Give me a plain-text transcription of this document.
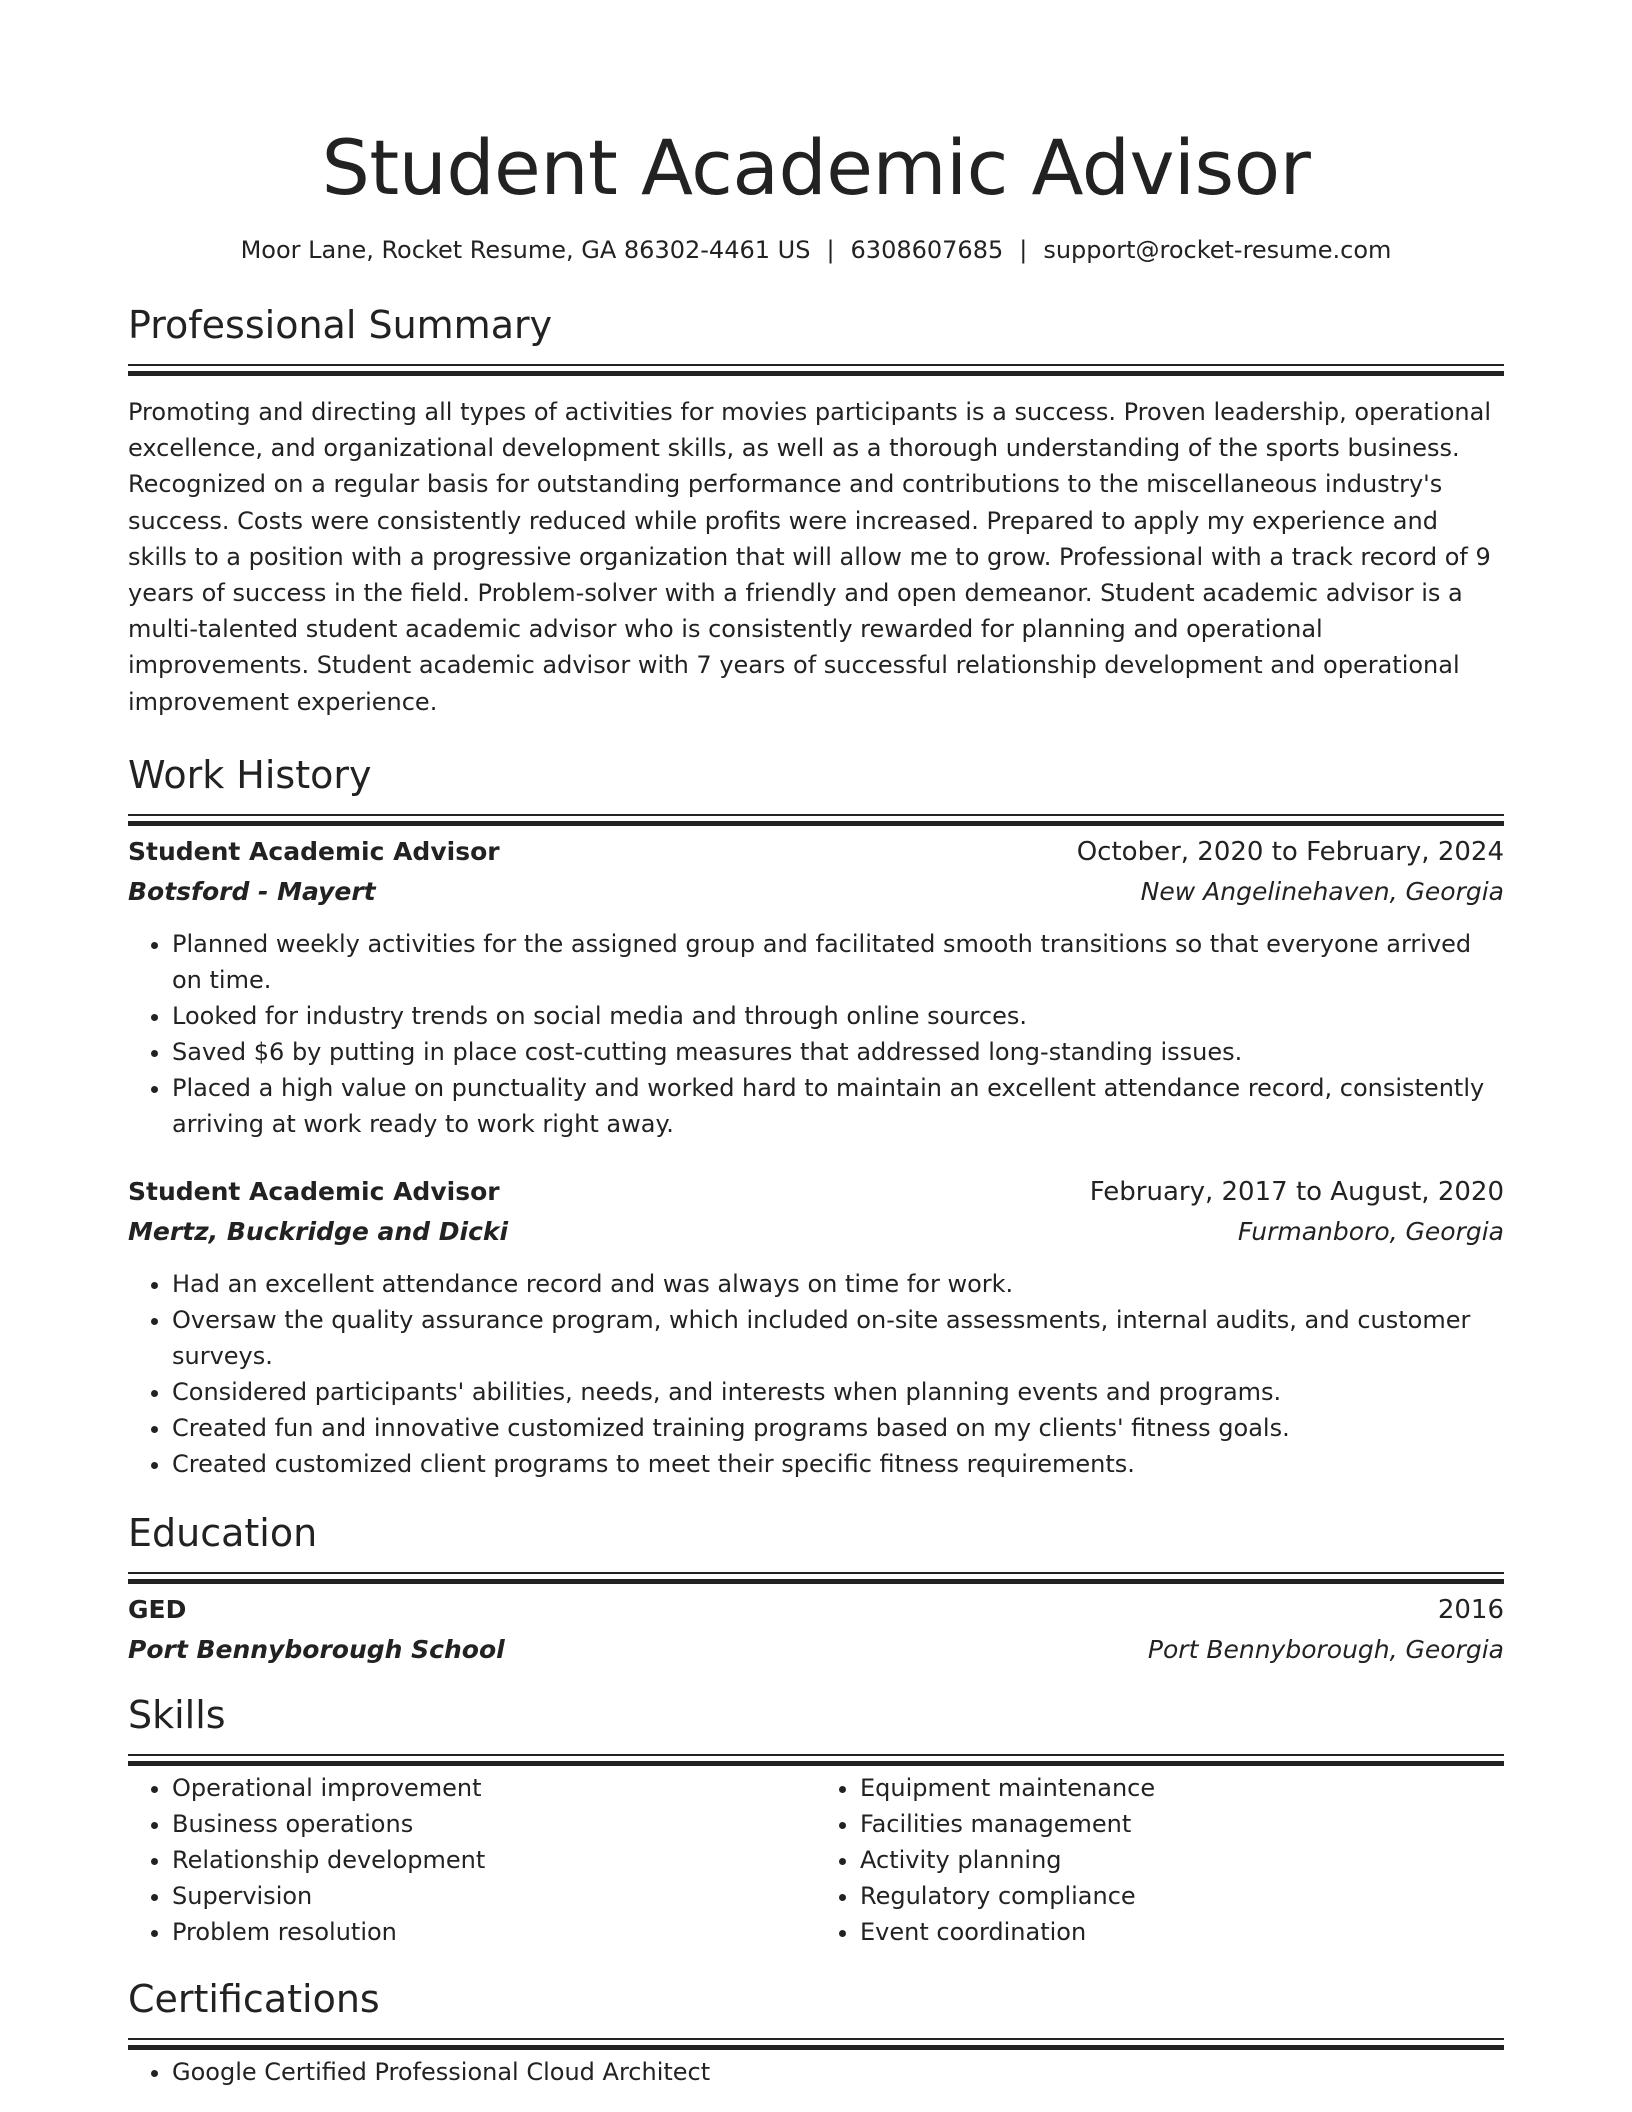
Student Academic Advisor
Moor Lane, Rocket Resume, GA 86302-4461 US | 6308607685 | support@rocket-resume.com
Professional Summary
Promoting and directing all types of activities for movies participants is a success. Proven leadership, operational excellence, and organizational development skills, as well as a thorough understanding of the sports business. Recognized on a regular basis for outstanding performance and contributions to the miscellaneous industry's success. Costs were consistently reduced while profits were increased. Prepared to apply my experience and skills to a position with a progressive organization that will allow me to grow. Professional with a track record of 9 years of success in the field. Problem-solver with a friendly and open demeanor. Student academic advisor is a multi-talented student academic advisor who is consistently rewarded for planning and operational improvements. Student academic advisor with 7 years of successful relationship development and operational improvement experience.
Work History
Student Academic Advisor	October, 2020 to February, 2024
Botsford - Mayert	New Angelinehaven, Georgia
• Planned weekly activities for the assigned group and facilitated smooth transitions so that everyone arrived on time.
• Looked for industry trends on social media and through online sources.
• Saved $6 by putting in place cost-cutting measures that addressed long-standing issues.
• Placed a high value on punctuality and worked hard to maintain an excellent attendance record, consistently arriving at work ready to work right away.
Student Academic Advisor	February, 2017 to August, 2020
Mertz, Buckridge and Dicki	Furmanboro, Georgia
• Had an excellent attendance record and was always on time for work.
• Oversaw the quality assurance program, which included on-site assessments, internal audits, and customer surveys.
• Considered participants' abilities, needs, and interests when planning events and programs.
• Created fun and innovative customized training programs based on my clients' fitness goals.
• Created customized client programs to meet their specific fitness requirements.
Education
GED	2016
Port Bennyborough School	Port Bennyborough, Georgia
Skills
• Operational improvement
• Business operations
• Relationship development
• Supervision
• Problem resolution
• Equipment maintenance
• Facilities management
• Activity planning
• Regulatory compliance
• Event coordination
Certifications
• Google Certified Professional Cloud Architect
